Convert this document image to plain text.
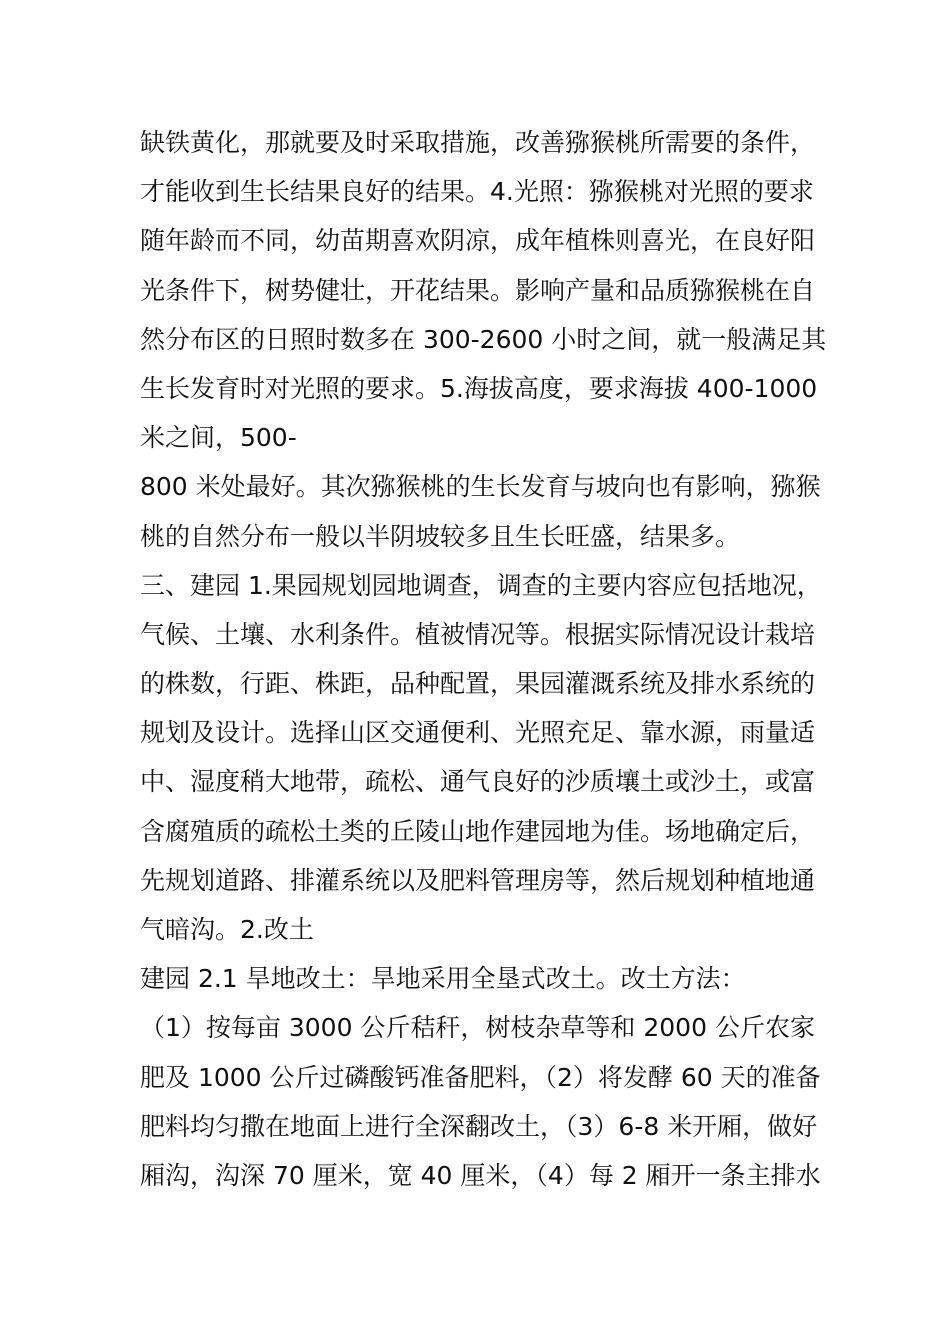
缺铁黄化，那就要及时采取措施，改善猕猴桃所需要的条件，
才能收到生长结果良好的结果。4.光照：猕猴桃对光照的要求
随年龄而不同，幼苗期喜欢阴凉，成年植株则喜光，在良好阳
光条件下，树势健壮，开花结果。影响产量和品质猕猴桃在自
然分布区的日照时数多在 300-2600 小时之间，就一般满足其
生长发育时对光照的要求。5.海拔高度，要求海拔 400-1000
米之间，500-
800 米处最好。其次猕猴桃的生长发育与坡向也有影响，猕猴
桃的自然分布一般以半阴坡较多且生长旺盛，结果多。
三、建园 1.果园规划园地调查，调查的主要内容应包括地况，
气候、土壤、水利条件。植被情况等。根据实际情况设计栽培
的株数，行距、株距，品种配置，果园灌溉系统及排水系统的
规划及设计。选择山区交通便利、光照充足、靠水源，雨量适
中、湿度稍大地带，疏松、通气良好的沙质壤土或沙土，或富
含腐殖质的疏松土类的丘陵山地作建园地为佳。场地确定后，
先规划道路、排灌系统以及肥料管理房等，然后规划种植地通
气暗沟。2.改土
建园 2.1 旱地改土：旱地采用全垦式改土。改土方法：
（1）按每亩 3000 公斤秸秆，树枝杂草等和 2000 公斤农家
肥及 1000 公斤过磷酸钙准备肥料，（2）将发酵 60 天的准备
肥料均匀撒在地面上进行全深翻改土，（3）6-8 米开厢，做好
厢沟，沟深 70 厘米，宽 40 厘米，（4）每 2 厢开一条主排水
